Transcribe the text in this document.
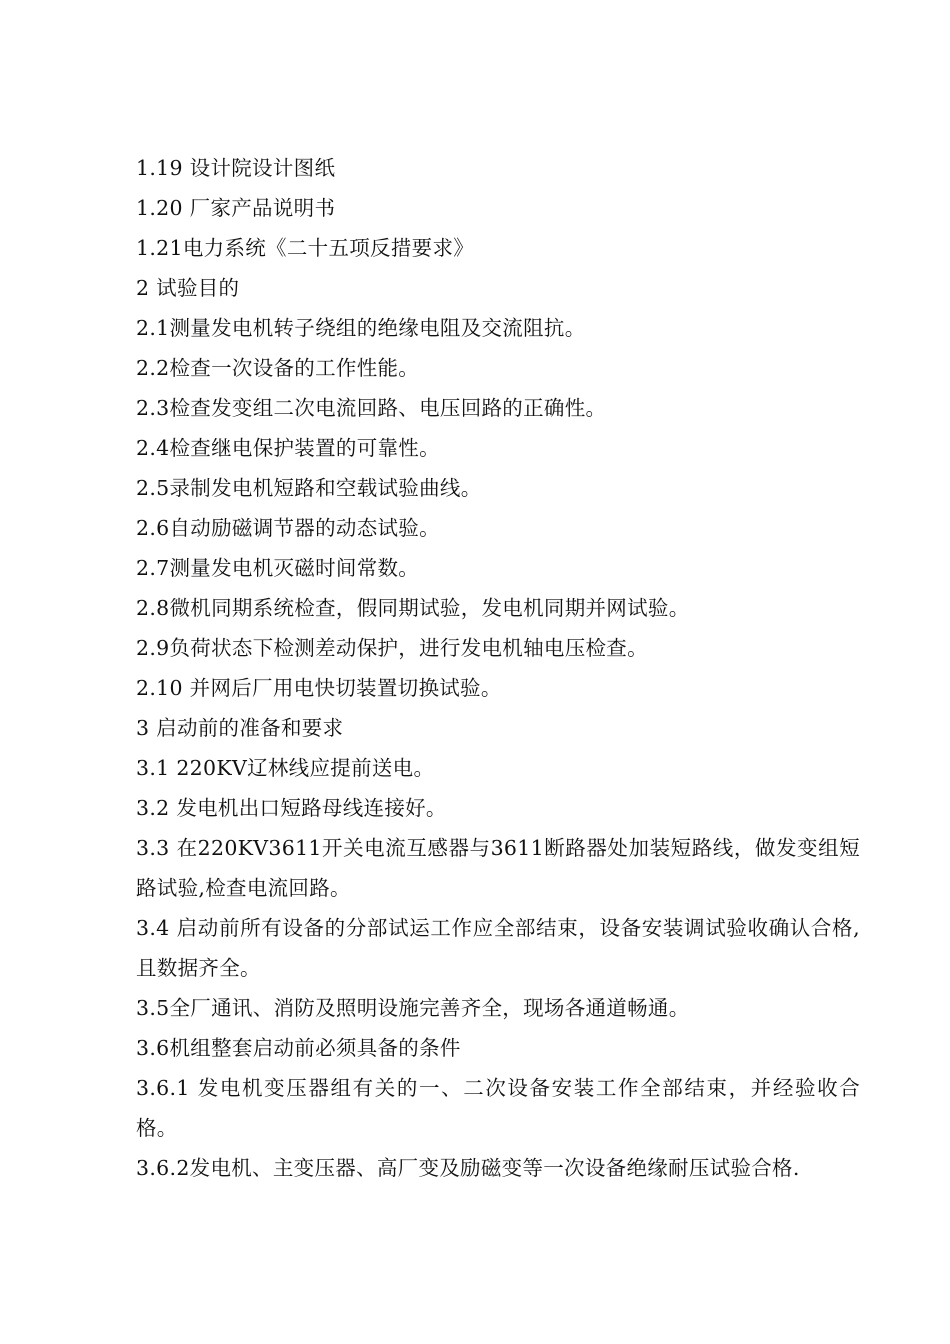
1.19 设计院设计图纸
1.20 厂家产品说明书
1.21电力系统《二十五项反措要求》
2 试验目的
2.1测量发电机转子绕组的绝缘电阻及交流阻抗。
2.2检查一次设备的工作性能。
2.3检查发变组二次电流回路、电压回路的正确性。
2.4检查继电保护装置的可靠性。
2.5录制发电机短路和空载试验曲线。
2.6自动励磁调节器的动态试验。
2.7测量发电机灭磁时间常数。
2.8微机同期系统检查，假同期试验，发电机同期并网试验。
2.9负荷状态下检测差动保护，进行发电机轴电压检查。
2.10 并网后厂用电快切装置切换试验。
3 启动前的准备和要求
3.1 220KV辽林线应提前送电。
3.2 发电机出口短路母线连接好。
3.3 在220KV3611开关电流互感器与3611断路器处加装短路线，做发变组短路试验,检查电流回路。
3.4 启动前所有设备的分部试运工作应全部结束，设备安装调试验收确认合格,且数据齐全。
3.5全厂通讯、消防及照明设施完善齐全，现场各通道畅通。
3.6机组整套启动前必须具备的条件
3.6.1 发电机变压器组有关的一、二次设备安装工作全部结束，并经验收合格。
3.6.2发电机、主变压器、高厂变及励磁变等一次设备绝缘耐压试验合格.
